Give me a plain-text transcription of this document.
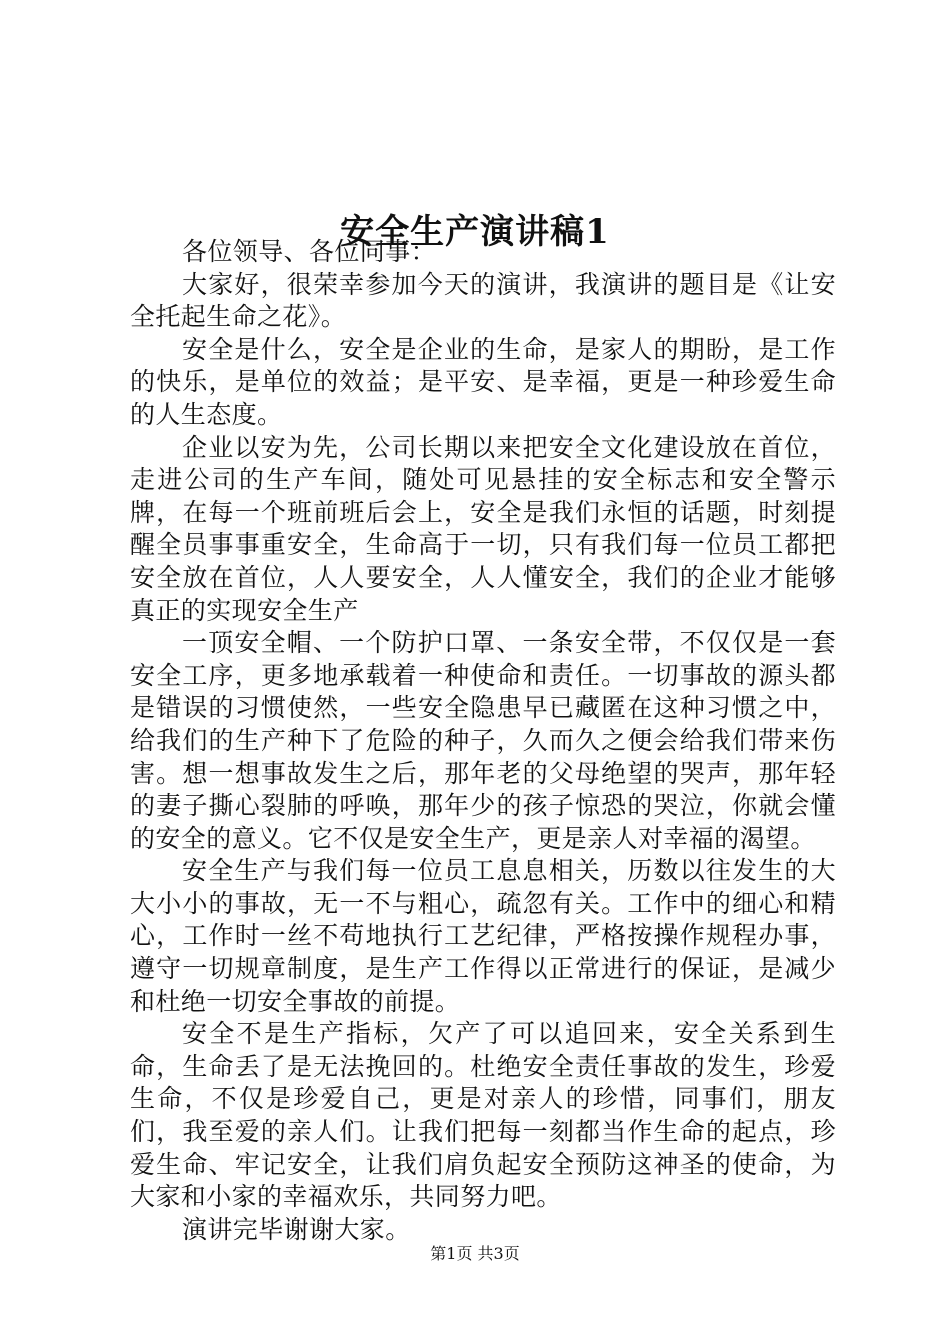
安全生产演讲稿1

各位领导、各位同事：

大家好，很荣幸参加今天的演讲，我演讲的题目是《让安全托起生命之花》。

安全是什么，安全是企业的生命，是家人的期盼，是工作的快乐，是单位的效益；是平安、是幸福，更是一种珍爱生命的人生态度。

企业以安为先，公司长期以来把安全文化建设放在首位，走进公司的生产车间，随处可见悬挂的安全标志和安全警示牌，在每一个班前班后会上，安全是我们永恒的话题，时刻提醒全员事事重安全，生命高于一切，只有我们每一位员工都把安全放在首位，人人要安全，人人懂安全，我们的企业才能够真正的实现安全生产

一顶安全帽、一个防护口罩、一条安全带，不仅仅是一套安全工序，更多地承载着一种使命和责任。一切事故的源头都是错误的习惯使然，一些安全隐患早已藏匿在这种习惯之中，给我们的生产种下了危险的种子，久而久之便会给我们带来伤害。想一想事故发生之后，那年老的父母绝望的哭声，那年轻的妻子撕心裂肺的呼唤，那年少的孩子惊恐的哭泣，你就会懂的安全的意义。它不仅是安全生产，更是亲人对幸福的渴望。

安全生产与我们每一位员工息息相关，历数以往发生的大大小小的事故，无一不与粗心，疏忽有关。工作中的细心和精心，工作时一丝不苟地执行工艺纪律，严格按操作规程办事，遵守一切规章制度，是生产工作得以正常进行的保证，是减少和杜绝一切安全事故的前提。

安全不是生产指标，欠产了可以追回来，安全关系到生命，生命丢了是无法挽回的。杜绝安全责任事故的发生，珍爱生命，不仅是珍爱自己，更是对亲人的珍惜，同事们，朋友们，我至爱的亲人们。让我们把每一刻都当作生命的起点，珍爱生命、牢记安全，让我们肩负起安全预防这神圣的使命，为大家和小家的幸福欢乐，共同努力吧。

演讲完毕谢谢大家。

第1页 共3页
